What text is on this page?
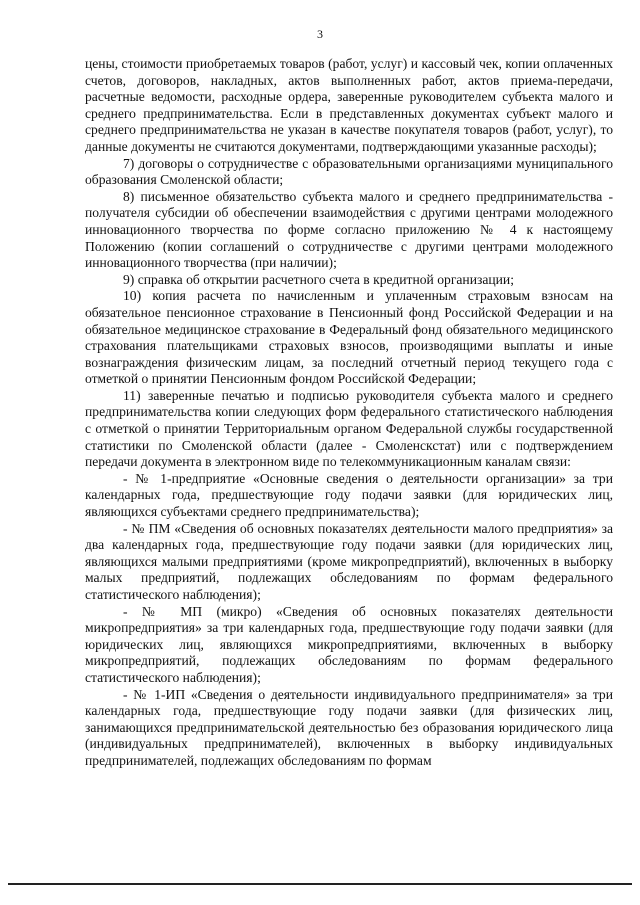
3

цены, стоимости приобретаемых товаров (работ, услуг) и кассовый чек, копии оплаченных счетов, договоров, накладных, актов выполненных работ, актов приема-передачи, расчетные ведомости, расходные ордера, заверенные руководителем субъекта малого и среднего предпринимательства. Если в представленных документах субъект малого и среднего предпринимательства не указан в качестве покупателя товаров (работ, услуг), то данные документы не считаются документами, подтверждающими указанные расходы);

7) договоры о сотрудничестве с образовательными организациями муниципального образования Смоленской области;

8) письменное обязательство субъекта малого и среднего предпринимательства - получателя субсидии об обеспечении взаимодействия с другими центрами молодежного инновационного творчества по форме согласно приложению № 4 к настоящему Положению (копии соглашений о сотрудничестве с другими центрами молодежного инновационного творчества (при наличии);

9) справка об открытии расчетного счета в кредитной организации;

10) копия расчета по начисленным и уплаченным страховым взносам на обязательное пенсионное страхование в Пенсионный фонд Российской Федерации и на обязательное медицинское страхование в Федеральный фонд обязательного медицинского страхования плательщиками страховых взносов, производящими выплаты и иные вознаграждения физическим лицам, за последний отчетный период текущего года с отметкой о принятии Пенсионным фондом Российской Федерации;

11) заверенные печатью и подписью руководителя субъекта малого и среднего предпринимательства копии следующих форм федерального статистического наблюдения с отметкой о принятии Территориальным органом Федеральной службы государственной статистики по Смоленской области (далее - Смоленскстат) или с подтверждением передачи документа в электронном виде по телекоммуникационным каналам связи:

- № 1-предприятие «Основные сведения о деятельности организации» за три календарных года, предшествующие году подачи заявки (для юридических лиц, являющихся субъектами среднего предпринимательства);

- № ПМ «Сведения об основных показателях деятельности малого предприятия» за два календарных года, предшествующие году подачи заявки (для юридических лиц, являющихся малыми предприятиями (кроме микропредприятий), включенных в выборку малых предприятий, подлежащих обследованиям по формам федерального статистического наблюдения);

- № МП (микро) «Сведения об основных показателях деятельности микропредприятия» за три календарных года, предшествующие году подачи заявки (для юридических лиц, являющихся микропредприятиями, включенных в выборку микропредприятий, подлежащих обследованиям по формам федерального статистического наблюдения);

- № 1-ИП «Сведения о деятельности индивидуального предпринимателя» за три календарных года, предшествующие году подачи заявки (для физических лиц, занимающихся предпринимательской деятельностью без образования юридического лица (индивидуальных предпринимателей), включенных в выборку индивидуальных предпринимателей, подлежащих обследованиям по формам
